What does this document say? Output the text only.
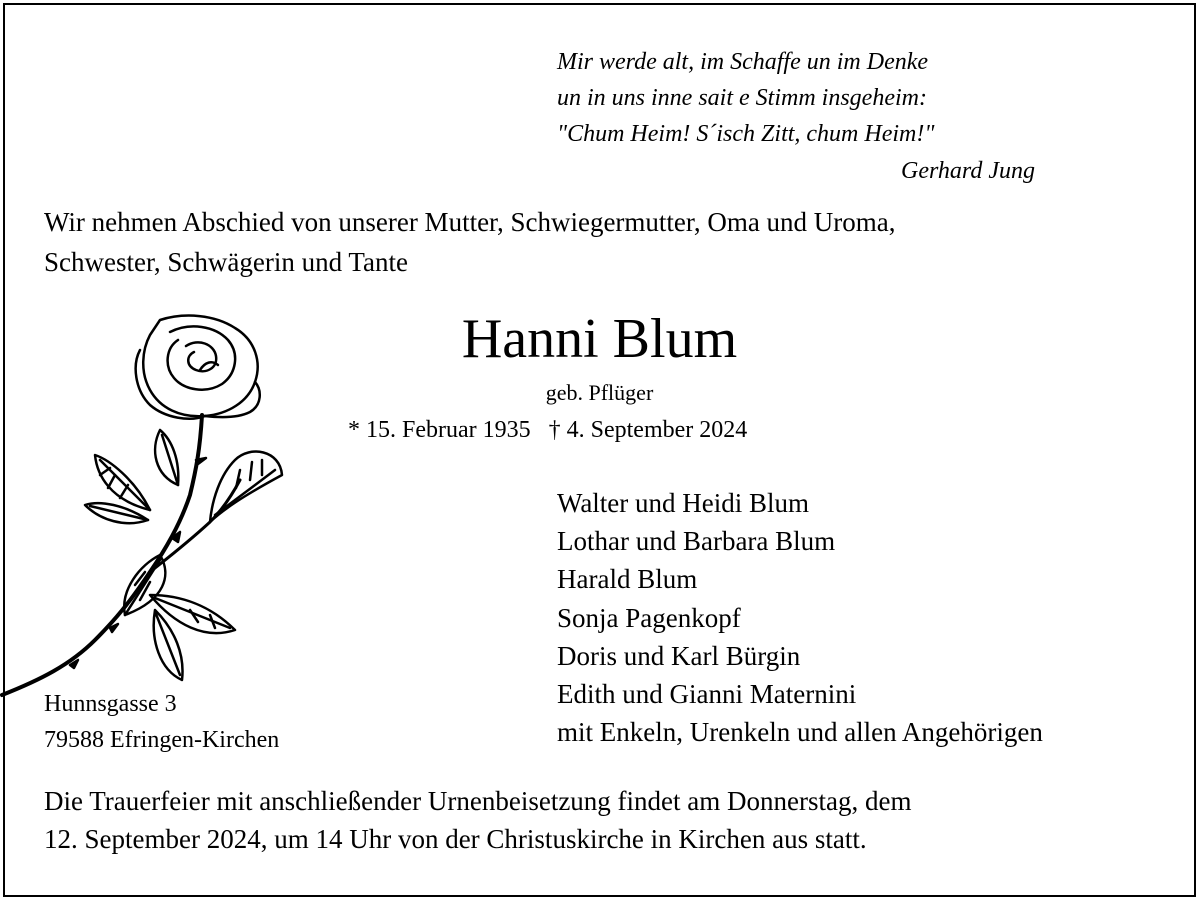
Mir werde alt, im Schaffe un im Denke
un in uns inne sait e Stimm insgeheim:
"Chum Heim! S´isch Zitt, chum Heim!"
Gerhard Jung
Wir nehmen Abschied von unserer Mutter, Schwiegermutter, Oma und Uroma,
Schwester, Schwägerin und Tante
Hanni Blum
geb. Pflüger
* 15. Februar 1935 † 4. September 2024
Walter und Heidi Blum
Lothar und Barbara Blum
Harald Blum
Sonja Pagenkopf
Doris und Karl Bürgin
Edith und Gianni Maternini
mit Enkeln, Urenkeln und allen Angehörigen
Hunnsgasse 3
79588 Efringen-Kirchen
Die Trauerfeier mit anschließender Urnenbeisetzung findet am Donnerstag, dem
12. September 2024, um 14 Uhr von der Christuskirche in Kirchen aus statt.
